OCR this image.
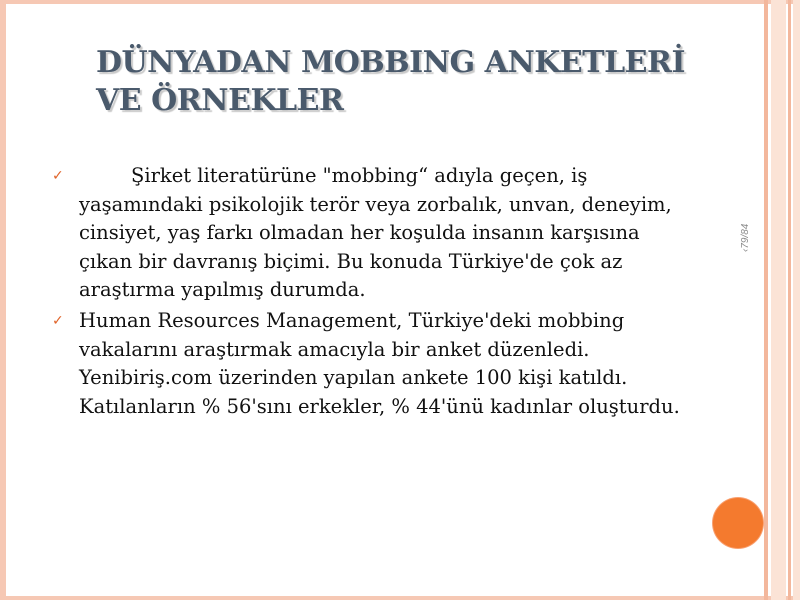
DÜNYADAN MOBBING ANKETLERİ
VE ÖRNEKLER
✓	Şirket literatürüne "mobbing“ adıyla geçen, iş yaşamındaki psikolojik terör veya zorbalık, unvan, deneyim, cinsiyet, yaş farkı olmadan her koşulda insanın karşısına çıkan bir davranış biçimi. Bu konuda Türkiye'de çok az araştırma yapılmış durumda.
✓ Human Resources Management, Türkiye'deki mobbing vakalarını araştırmak amacıyla bir anket düzenledi. Yenibiriş.com üzerinden yapılan ankete 100 kişi katıldı. Katılanların % 56'sını erkekler, % 44'ünü kadınlar oluşturdu.
‹79/84
